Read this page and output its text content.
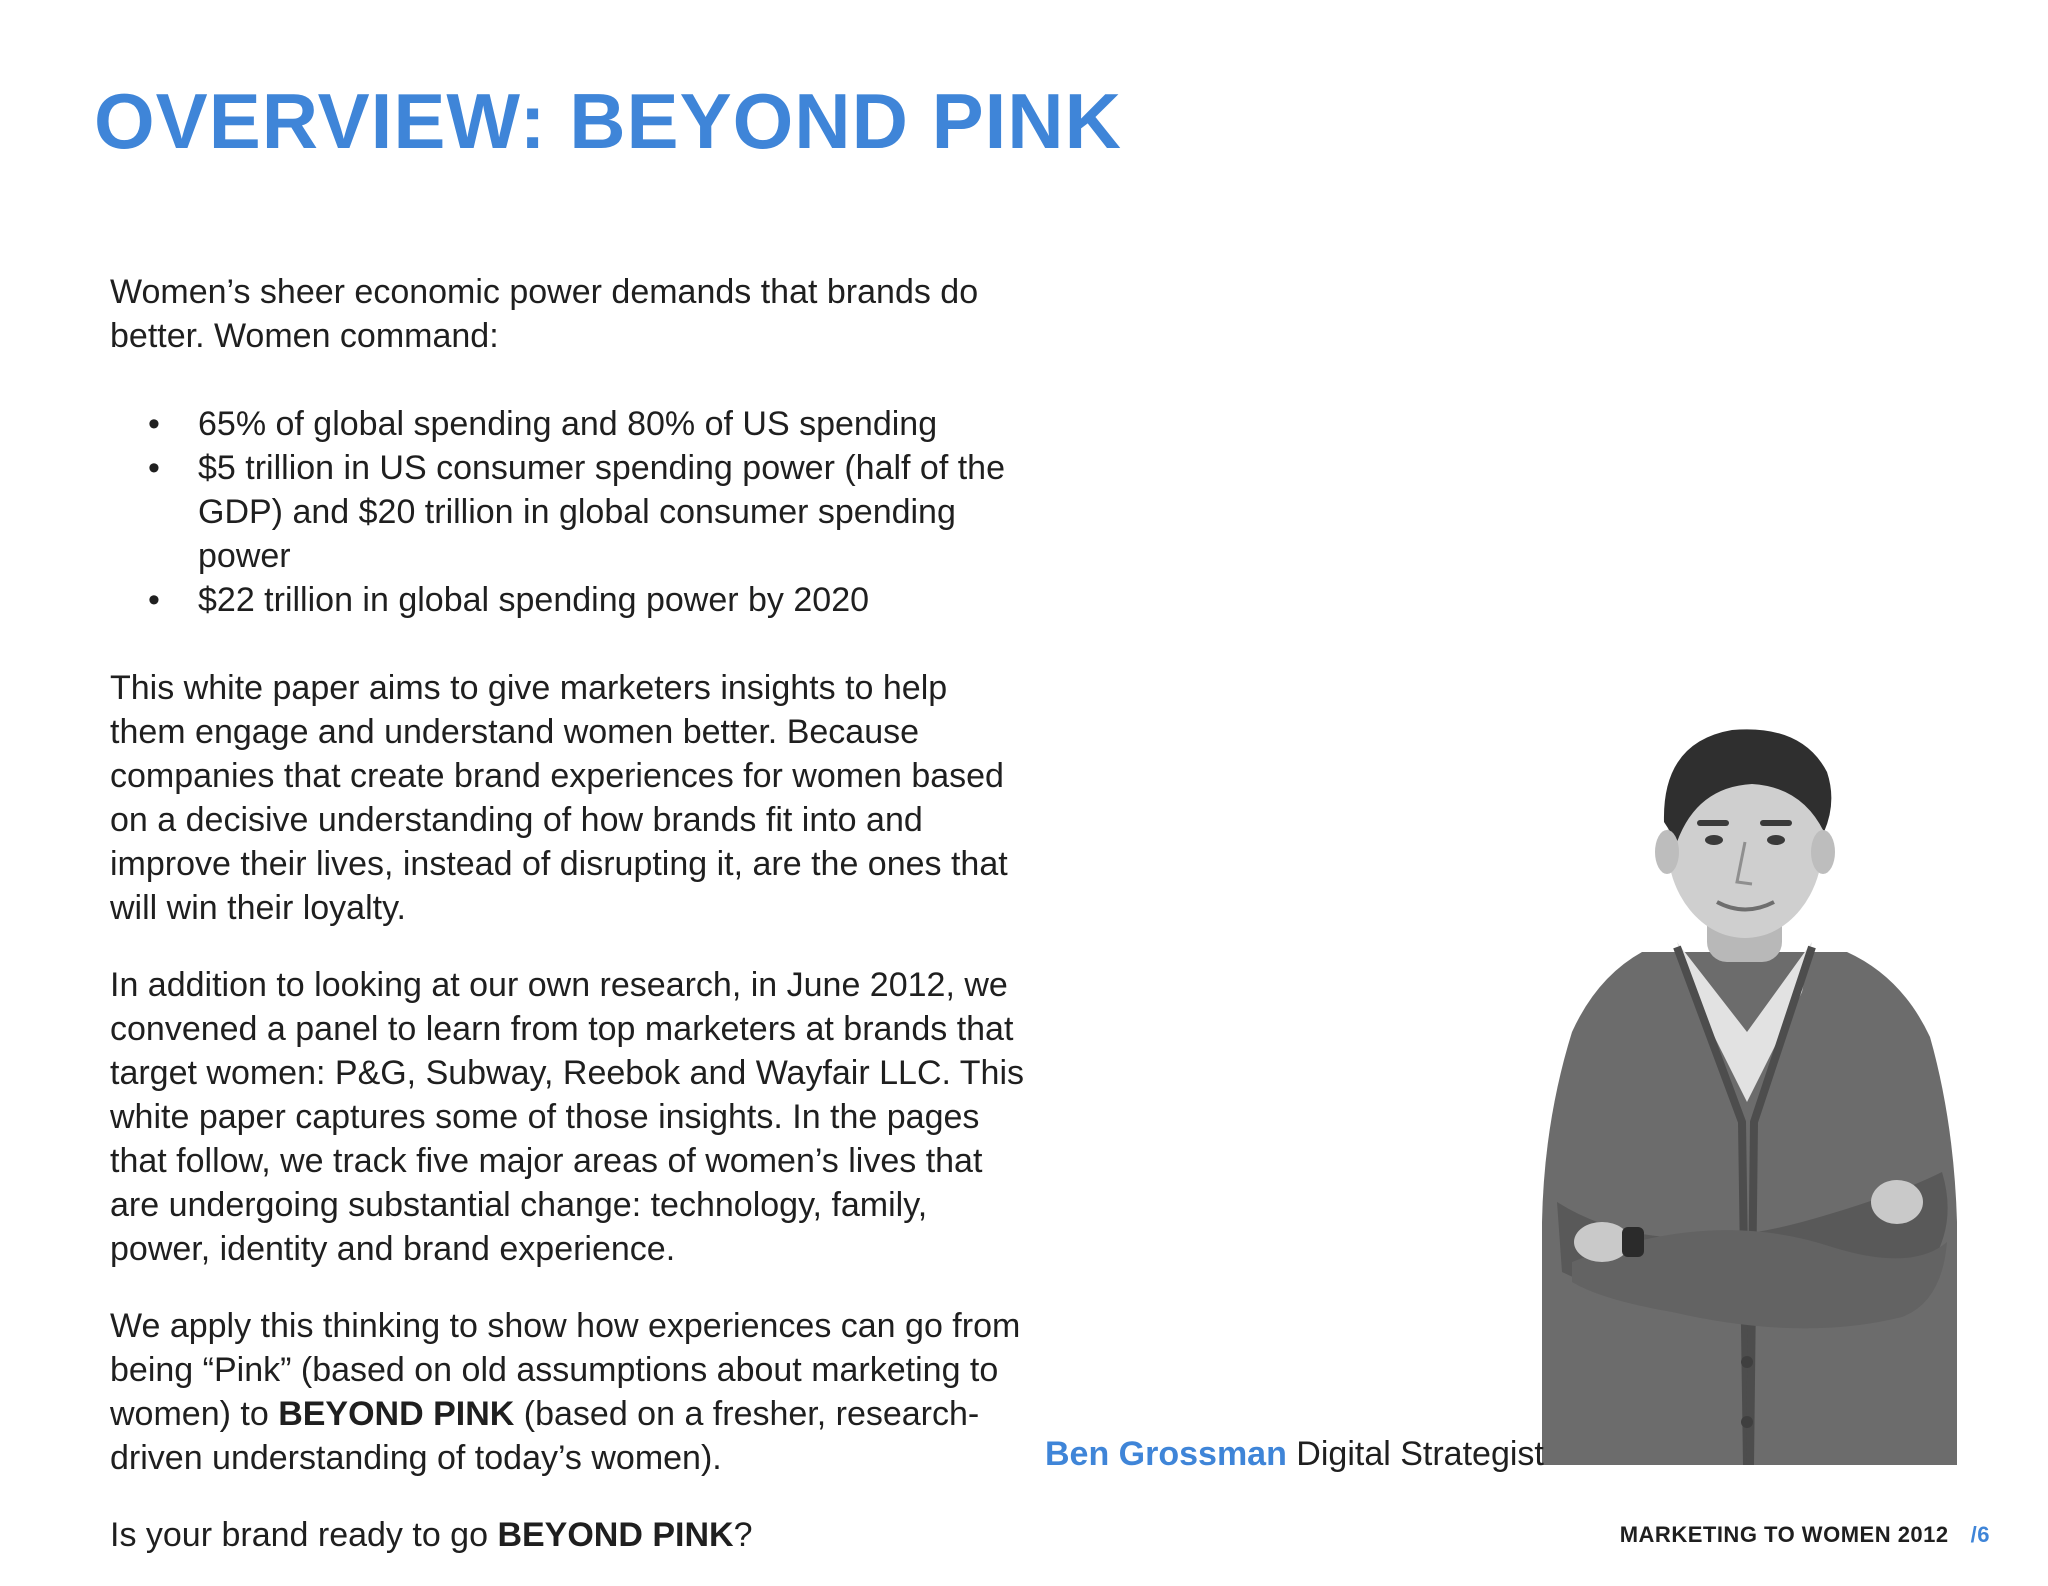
OVERVIEW: BEYOND PINK

Women’s sheer economic power demands that brands do better. Women command:

• 65% of global spending and 80% of US spending
• $5 trillion in US consumer spending power (half of the GDP) and $20 trillion in global consumer spending power
• $22 trillion in global spending power by 2020

This white paper aims to give marketers insights to help them engage and understand women better. Because companies that create brand experiences for women based on a decisive understanding of how brands fit into and improve their lives, instead of disrupting it, are the ones that will win their loyalty.

In addition to looking at our own research, in June 2012, we convened a panel to learn from top marketers at brands that target women: P&G, Subway, Reebok and Wayfair LLC. This white paper captures some of those insights. In the pages that follow, we track five major areas of women’s lives that are undergoing substantial change: technology, family, power, identity and brand experience.

We apply this thinking to show how experiences can go from being “Pink” (based on old assumptions about marketing to women) to BEYOND PINK (based on a fresher, research-driven understanding of today’s women).

Is your brand ready to go BEYOND PINK?

Ben Grossman Digital Strategist
MARKETING TO WOMEN 2012 /6
